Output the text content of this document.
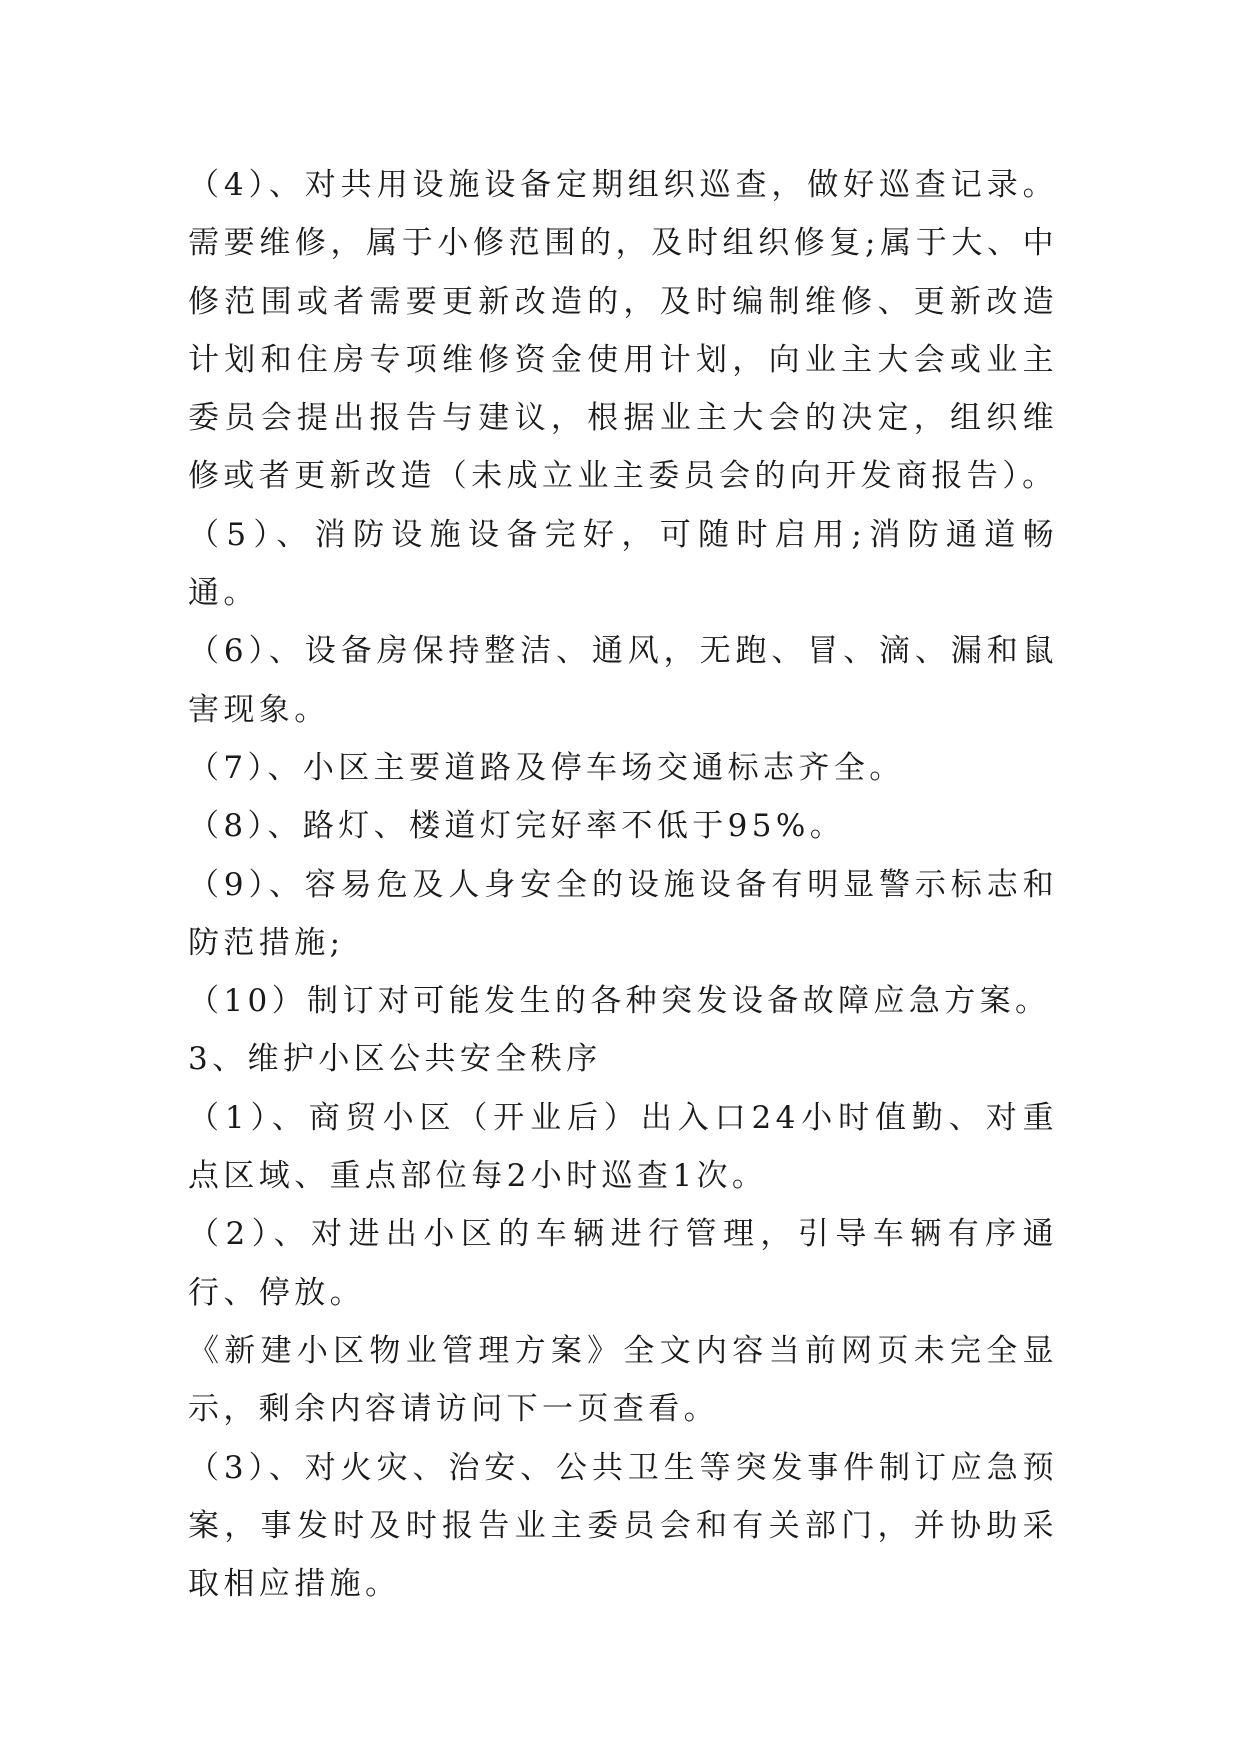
（4）、对共用设施设备定期组织巡查，做好巡查记录。需要维修，属于小修范围的，及时组织修复;属于大、中修范围或者需要更新改造的，及时编制维修、更新改造计划和住房专项维修资金使用计划，向业主大会或业主委员会提出报告与建议，根据业主大会的决定，组织维修或者更新改造（未成立业主委员会的向开发商报告）。

（5）、消防设施设备完好，可随时启用;消防通道畅通。

（6）、设备房保持整洁、通风，无跑、冒、滴、漏和鼠害现象。

（7）、小区主要道路及停车场交通标志齐全。

（8）、路灯、楼道灯完好率不低于95%。

（9）、容易危及人身安全的设施设备有明显警示标志和防范措施;

（10）制订对可能发生的各种突发设备故障应急方案。

3、维护小区公共安全秩序

（1）、商贸小区（开业后）出入口24小时值勤、对重点区域、重点部位每2小时巡查1次。

（2）、对进出小区的车辆进行管理，引导车辆有序通行、停放。

《新建小区物业管理方案》全文内容当前网页未完全显示，剩余内容请访问下一页查看。

（3）、对火灾、治安、公共卫生等突发事件制订应急预案，事发时及时报告业主委员会和有关部门，并协助采取相应措施。
